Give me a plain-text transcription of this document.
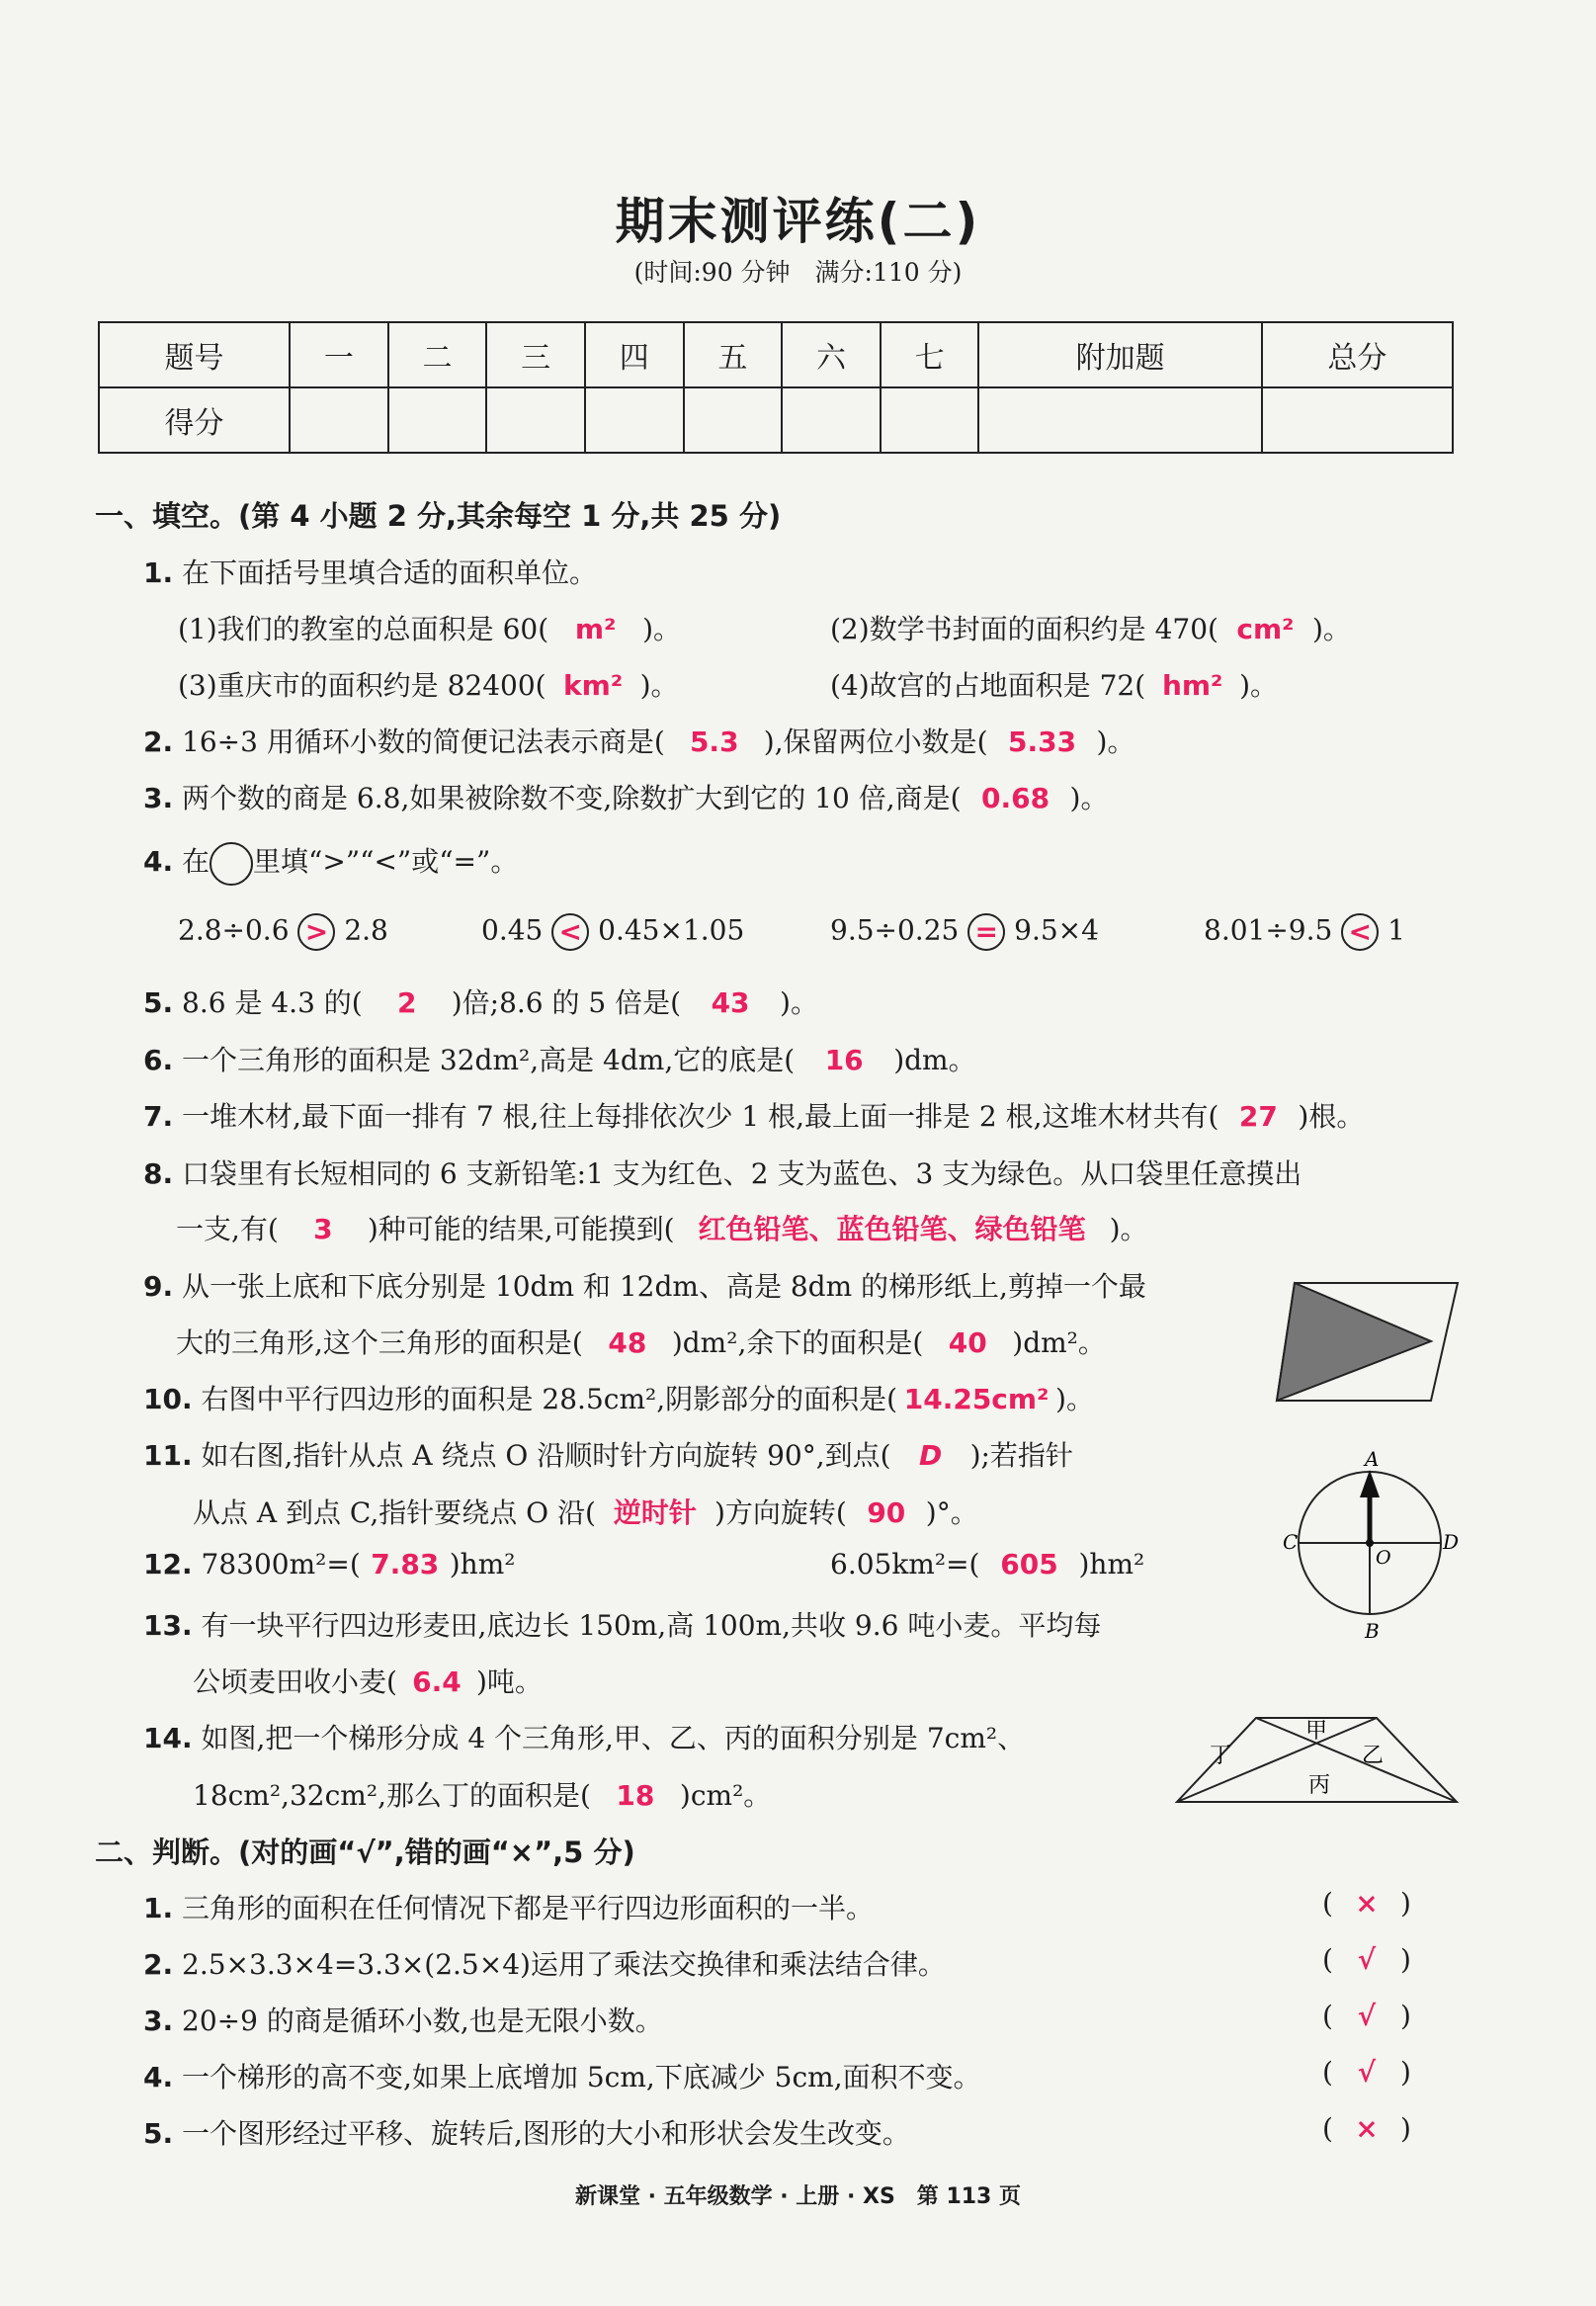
期末测评练(二)
(时间:90 分钟　满分:110 分)
题号	一	二	三	四	五	六	七	附加题	总分
得分									
一、填空。(第 4 小题 2 分,其余每空 1 分,共 25 分)
1. 在下面括号里填合适的面积单位。
(1)我们的教室的总面积是 60( m² )。	(2)数学书封面的面积约是 470( cm² )。
(3)重庆市的面积约是 82400( km² )。	(4)故宫的占地面积是 72( hm² )。
2. 16÷3 用循环小数的简便记法表示商是( 5.3 ),保留两位小数是( 5.33 )。
3. 两个数的商是 6.8,如果被除数不变,除数扩大到它的 10 倍,商是( 0.68 )。
4. 在 里填“>”“<”或“=”。
2.8÷0.6 > 2.8	0.45 < 0.45×1.05	9.5÷0.25 = 9.5×4	8.01÷9.5 < 1
5. 8.6 是 4.3 的( 2 )倍;8.6 的 5 倍是( 43 )。
6. 一个三角形的面积是 32dm²,高是 4dm,它的底是( 16 )dm。
7. 一堆木材,最下面一排有 7 根,往上每排依次少 1 根,最上面一排是 2 根,这堆木材共有( 27 )根。
8. 口袋里有长短相同的 6 支新铅笔:1 支为红色、2 支为蓝色、3 支为绿色。从口袋里任意摸出
一支,有( 3 )种可能的结果,可能摸到( 红色铅笔、蓝色铅笔、绿色铅笔 )。
9. 从一张上底和下底分别是 10dm 和 12dm、高是 8dm 的梯形纸上,剪掉一个最
大的三角形,这个三角形的面积是( 48 )dm²,余下的面积是( 40 )dm²。
10. 右图中平行四边形的面积是 28.5cm²,阴影部分的面积是( 14.25cm² )。
11. 如右图,指针从点 A 绕点 O 沿顺时针方向旋转 90°,到点( D );若指针
从点 A 到点 C,指针要绕点 O 沿( 逆时针 )方向旋转( 90 )°。
12. 78300m²=( 7.83 )hm²	6.05km²=( 605 )hm²
13. 有一块平行四边形麦田,底边长 150m,高 100m,共收 9.6 吨小麦。平均每
公顷麦田收小麦( 6.4 )吨。
14. 如图,把一个梯形分成 4 个三角形,甲、乙、丙的面积分别是 7cm²、
18cm²,32cm²,那么丁的面积是( 18 )cm²。
A
B
C	D
O
甲
乙
丙
丁
二、判断。(对的画“√”,错的画“×”,5 分)
1. 三角形的面积在任何情况下都是平行四边形面积的一半。	( × )
2. 2.5×3.3×4=3.3×(2.5×4)运用了乘法交换律和乘法结合律。	( √ )
3. 20÷9 的商是循环小数,也是无限小数。	( √ )
4. 一个梯形的高不变,如果上底增加 5cm,下底减少 5cm,面积不变。	( √ )
5. 一个图形经过平移、旋转后,图形的大小和形状会发生改变。	( × )
新课堂 · 五年级数学 · 上册 · XS　第 113 页
